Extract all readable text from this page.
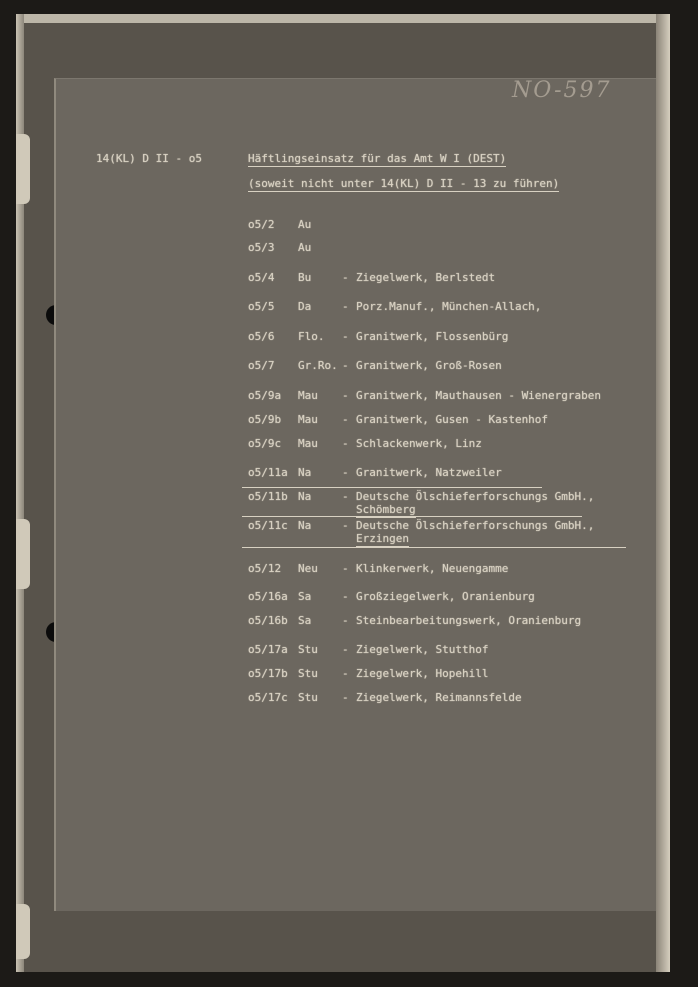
NO-597
14(KL) D II - o5	Häftlingseinsatz für das Amt W I (DEST)
(soweit nicht unter 14(KL) D II - 13 zu führen)
o5/2 Au
o5/3 Au
o5/4 Bu	- Ziegelwerk, Berlstedt
o5/5 Da	- Porz.Manuf., München-Allach,
o5/6 Flo. - Granitwerk, Flossenbürg
o5/7 Gr.Ro. - Granitwerk, Groß-Rosen
o5/9a Mau - Granitwerk, Mauthausen - Wienergraben
o5/9b Mau - Granitwerk, Gusen - Kastenhof
o5/9c Mau - Schlackenwerk, Linz
o5/11a Na	- Granitwerk, Natzweiler
o5/11b Na	- Deutsche Ölschieferforschungs GmbH.,
Schömberg
o5/11c Na	- Deutsche Ölschieferforschungs GmbH.,
Erzingen
o5/12 Neu - Klinkerwerk, Neuengamme
o5/16a Sa	- Großziegelwerk, Oranienburg
o5/16b Sa	- Steinbearbeitungswerk, Oranienburg
o5/17a Stu - Ziegelwerk, Stutthof
o5/17b Stu - Ziegelwerk, Hopehill
o5/17c Stu - Ziegelwerk, Reimannsfelde
